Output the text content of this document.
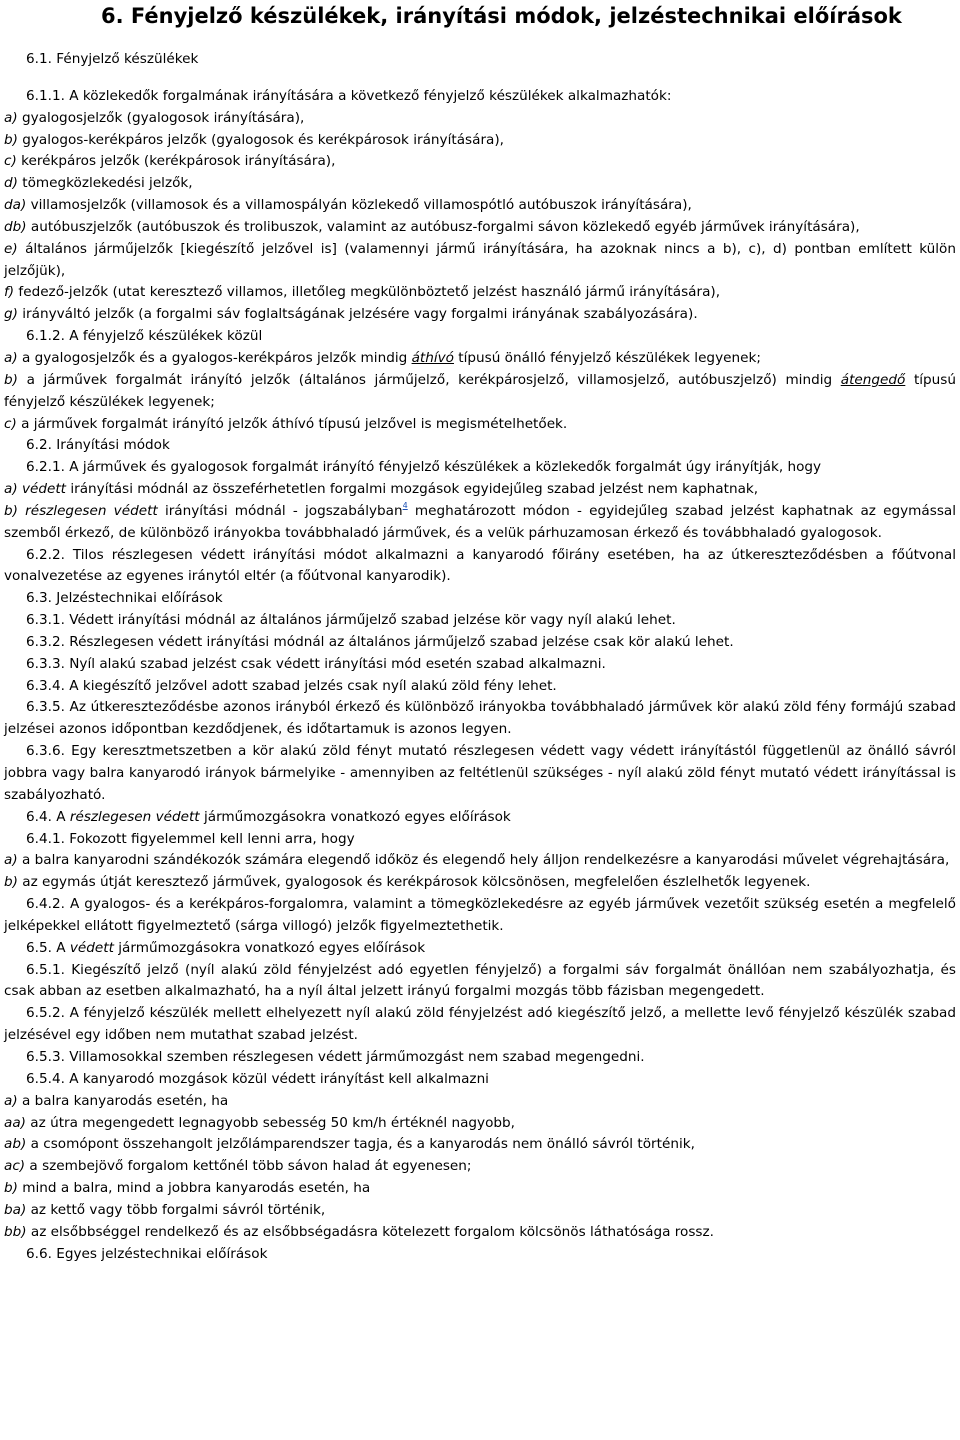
6. Fényjelző készülékek, irányítási módok, jelzéstechnikai előírások

6.1. Fényjelző készülékek

6.1.1. A közlekedők forgalmának irányítására a következő fényjelző készülékek alkalmazhatók:

a) gyalogosjelzők (gyalogosok irányítására),

b) gyalogos-kerékpáros jelzők (gyalogosok és kerékpárosok irányítására),

c) kerékpáros jelzők (kerékpárosok irányítására),

d) tömegközlekedési jelzők,

da) villamosjelzők (villamosok és a villamospályán közlekedő villamospótló autóbuszok irányítására),

db) autóbuszjelzők (autóbuszok és trolibuszok, valamint az autóbusz-forgalmi sávon közlekedő egyéb járművek irányítására),

e) általános járműjelzők [kiegészítő jelzővel is] (valamennyi jármű irányítására, ha azoknak nincs a b), c), d) pontban említett külön jelzőjük),

f) fedező-jelzők (utat keresztező villamos, illetőleg megkülönböztető jelzést használó jármű irányítására),

g) irányváltó jelzők (a forgalmi sáv foglaltságának jelzésére vagy forgalmi irányának szabályozására).

6.1.2. A fényjelző készülékek közül

a) a gyalogosjelzők és a gyalogos-kerékpáros jelzők mindig áthívó típusú önálló fényjelző készülékek legyenek;

b) a járművek forgalmát irányító jelzők (általános járműjelző, kerékpárosjelző, villamosjelző, autóbuszjelző) mindig átengedő típusú fényjelző készülékek legyenek;

c) a járművek forgalmát irányító jelzők áthívó típusú jelzővel is megismételhetőek.

6.2. Irányítási módok

6.2.1. A járművek és gyalogosok forgalmát irányító fényjelző készülékek a közlekedők forgalmát úgy irányítják, hogy

a) védett irányítási módnál az összeférhetetlen forgalmi mozgások egyidejűleg szabad jelzést nem kaphatnak,

b) részlegesen védett irányítási módnál - jogszabályban$^4$ meghatározott módon - egyidejűleg szabad jelzést kaphatnak az egymással szemből érkező, de különböző irányokba továbbhaladó járművek, és a velük párhuzamosan érkező és továbbhaladó gyalogosok.

6.2.2. Tilos részlegesen védett irányítási módot alkalmazni a kanyarodó főirány esetében, ha az útkereszteződésben a főútvonal vonalvezetése az egyenes iránytól eltér (a főútvonal kanyarodik).

6.3. Jelzéstechnikai előírások

6.3.1. Védett irányítási módnál az általános járműjelző szabad jelzése kör vagy nyíl alakú lehet.

6.3.2. Részlegesen védett irányítási módnál az általános járműjelző szabad jelzése csak kör alakú lehet.

6.3.3. Nyíl alakú szabad jelzést csak védett irányítási mód esetén szabad alkalmazni.

6.3.4. A kiegészítő jelzővel adott szabad jelzés csak nyíl alakú zöld fény lehet.

6.3.5. Az útkereszteződésbe azonos irányból érkező és különböző irányokba továbbhaladó járművek kör alakú zöld fény formájú szabad jelzései azonos időpontban kezdődjenek, és időtartamuk is azonos legyen.

6.3.6. Egy keresztmetszetben a kör alakú zöld fényt mutató részlegesen védett vagy védett irányítástól függetlenül az önálló sávról jobbra vagy balra kanyarodó irányok bármelyike - amennyiben az feltétlenül szükséges - nyíl alakú zöld fényt mutató védett irányítással is szabályozható.

6.4. A részlegesen védett járműmozgásokra vonatkozó egyes előírások

6.4.1. Fokozott figyelemmel kell lenni arra, hogy

a) a balra kanyarodni szándékozók számára elegendő időköz és elegendő hely álljon rendelkezésre a kanyarodási művelet végrehajtására,

b) az egymás útját keresztező járművek, gyalogosok és kerékpárosok kölcsönösen, megfelelően észlelhetők legyenek.

6.4.2. A gyalogos- és a kerékpáros-forgalomra, valamint a tömegközlekedésre az egyéb járművek vezetőit szükség esetén a megfelelő jelképekkel ellátott figyelmeztető (sárga villogó) jelzők figyelmeztethetik.

6.5. A védett járműmozgásokra vonatkozó egyes előírások

6.5.1. Kiegészítő jelző (nyíl alakú zöld fényjelzést adó egyetlen fényjelző) a forgalmi sáv forgalmát önállóan nem szabályozhatja, és csak abban az esetben alkalmazható, ha a nyíl által jelzett irányú forgalmi mozgás több fázisban megengedett.

6.5.2. A fényjelző készülék mellett elhelyezett nyíl alakú zöld fényjelzést adó kiegészítő jelző, a mellette levő fényjelző készülék szabad jelzésével egy időben nem mutathat szabad jelzést.

6.5.3. Villamosokkal szemben részlegesen védett járműmozgást nem szabad megengedni.

6.5.4. A kanyarodó mozgások közül védett irányítást kell alkalmazni

a) a balra kanyarodás esetén, ha

aa) az útra megengedett legnagyobb sebesség 50 km/h értéknél nagyobb,

ab) a csomópont összehangolt jelzőlámparendszer tagja, és a kanyarodás nem önálló sávról történik,

ac) a szembejövő forgalom kettőnél több sávon halad át egyenesen;

b) mind a balra, mind a jobbra kanyarodás esetén, ha

ba) az kettő vagy több forgalmi sávról történik,

bb) az elsőbbséggel rendelkező és az elsőbbségadásra kötelezett forgalom kölcsönös láthatósága rossz.

6.6. Egyes jelzéstechnikai előírások
